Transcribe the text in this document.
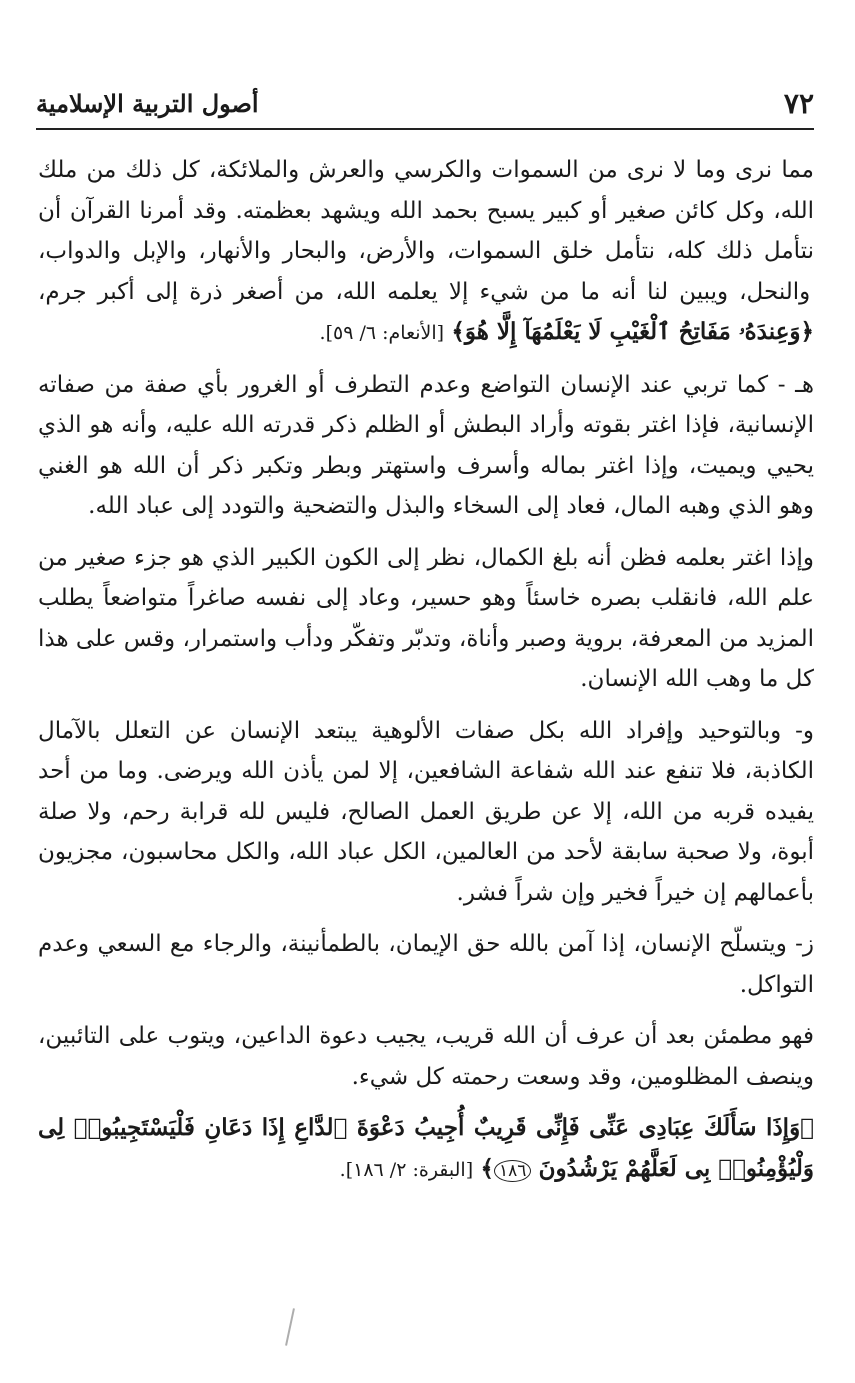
٧٢
أصول التربية الإسلامية

مما نرى وما لا نرى من السموات والكرسي والعرش والملائكة، كل ذلك من ملك الله، وكل كائن صغير أو كبير يسبح بحمد الله ويشهد بعظمته. وقد أمرنا القرآن أن نتأمل ذلك كله، نتأمل خلق السموات، والأرض، والبحار والأنهار، والإبل والدواب، والنحل، ويبين لنا أنه ما من شيء إلا يعلمه الله، من أصغر ذرة إلى أكبر جرم، ﴿وَعِندَهُۥ مَفَاتِحُ ٱلْغَيْبِ لَا يَعْلَمُهَآ إِلَّا هُوَ﴾ [الأنعام: ٦/ ٥٩].

هـ - كما تربي عند الإنسان التواضع وعدم التطرف أو الغرور بأي صفة من صفاته الإنسانية، فإذا اغتر بقوته وأراد البطش أو الظلم ذكر قدرته الله عليه، وأنه هو الذي يحيي ويميت، وإذا اغتر بماله وأسرف واستهتر وبطر وتكبر ذكر أن الله هو الغني وهو الذي وهبه المال، فعاد إلى السخاء والبذل والتضحية والتودد إلى عباد الله.

وإذا اغتر بعلمه فظن أنه بلغ الكمال، نظر إلى الكون الكبير الذي هو جزء صغير من علم الله، فانقلب بصره خاسئاً وهو حسير، وعاد إلى نفسه صاغراً متواضعاً يطلب المزيد من المعرفة، بروية وصبر وأناة، وتدبّر وتفكّر ودأب واستمرار، وقس على هذا كل ما وهب الله الإنسان.

و- وبالتوحيد وإفراد الله بكل صفات الألوهية يبتعد الإنسان عن التعلل بالآمال الكاذبة، فلا تنفع عند الله شفاعة الشافعين، إلا لمن يأذن الله ويرضى. وما من أحد يفيده قربه من الله، إلا عن طريق العمل الصالح، فليس لله قرابة رحم، ولا صلة أبوة، ولا صحبة سابقة لأحد من العالمين، الكل عباد الله، والكل محاسبون، مجزيون بأعمالهم إن خيراً فخير وإن شراً فشر.

ز- ويتسلّح الإنسان، إذا آمن بالله حق الإيمان، بالطمأنينة، والرجاء مع السعي وعدم التواكل.

فهو مطمئن بعد أن عرف أن الله قريب، يجيب دعوة الداعين، ويتوب على التائبين، وينصف المظلومين، وقد وسعت رحمته كل شيء.

﴿وَإِذَا سَأَلَكَ عِبَادِى عَنِّى فَإِنِّى قَرِيبٌ أُجِيبُ دَعْوَةَ ٱلدَّاعِ إِذَا دَعَانِ فَلْيَسْتَجِيبُوا۟ لِى وَلْيُؤْمِنُوا۟ بِى لَعَلَّهُمْ يَرْشُدُونَ ١٨٦﴾ [البقرة: ٢/ ١٨٦].
